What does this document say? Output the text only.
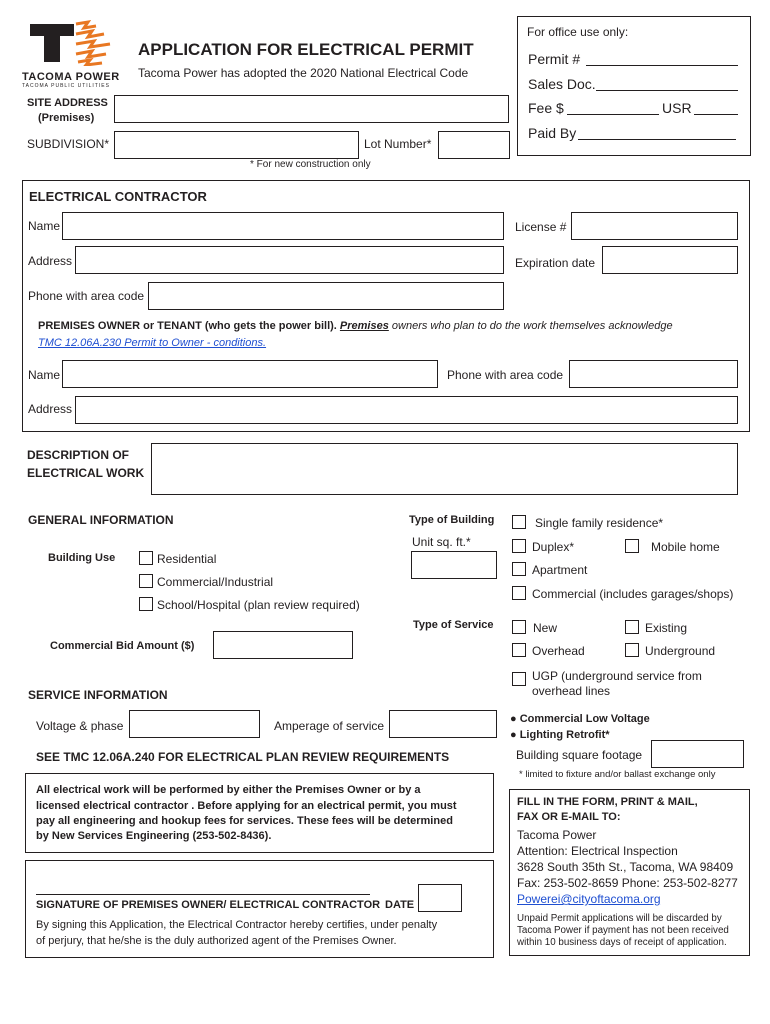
TACOMA POWER
TACOMA PUBLIC UTILITIES
APPLICATION FOR ELECTRICAL PERMIT
Tacoma Power has adopted the 2020 National Electrical Code
For office use only:
Permit #
Sales Doc.
Fee $	USR
Paid By
SITE ADDRESS
(Premises)
SUBDIVISION*	Lot Number*
* For new construction only
ELECTRICAL CONTRACTOR
Name	License #
Address	Expiration date
Phone with area code
PREMISES OWNER or TENANT (who gets the power bill). Premises owners who plan to do the work themselves acknowledge
TMC 12.06A.230 Permit to Owner - conditions.
Name	Phone with area code
Address
DESCRIPTION OF
ELECTRICAL WORK
GENERAL INFORMATION
Building Use	Residential
Commercial/Industrial
School/Hospital (plan review required)
Commercial Bid Amount ($)
Type of Building
Unit sq. ft.*
Single family residence*
Duplex*	Mobile home
Apartment
Commercial (includes garages/shops)
Type of Service	New	Existing
Overhead	Underground
UGP (underground service from
overhead lines
SERVICE INFORMATION
Voltage & phase	Amperage of service	● Commercial Low Voltage
● Lighting Retrofit*
Building square footage
* limited to fixture and/or ballast exchange only
SEE TMC 12.06A.240 FOR ELECTRICAL PLAN REVIEW REQUIREMENTS
All electrical work will be performed by either the Premises Owner or by a
licensed electrical contractor . Before applying for an electrical permit, you must
pay all engineering and hookup fees for services. These fees will be determined
by New Services Engineering (253-502-8436).
SIGNATURE OF PREMISES OWNER/ ELECTRICAL CONTRACTOR DATE
By signing this Application, the Electrical Contractor hereby certifies, under penalty
of perjury, that he/she is the duly authorized agent of the Premises Owner.
FILL IN THE FORM, PRINT & MAIL,
FAX OR E-MAIL TO:
Tacoma Power
Attention: Electrical Inspection
3628 South 35th St., Tacoma, WA 98409
Fax: 253-502-8659 Phone: 253-502-8277
Powerei@cityoftacoma.org
Unpaid Permit applications will be discarded by
Tacoma Power if payment has not been received
within 10 business days of receipt of application.
